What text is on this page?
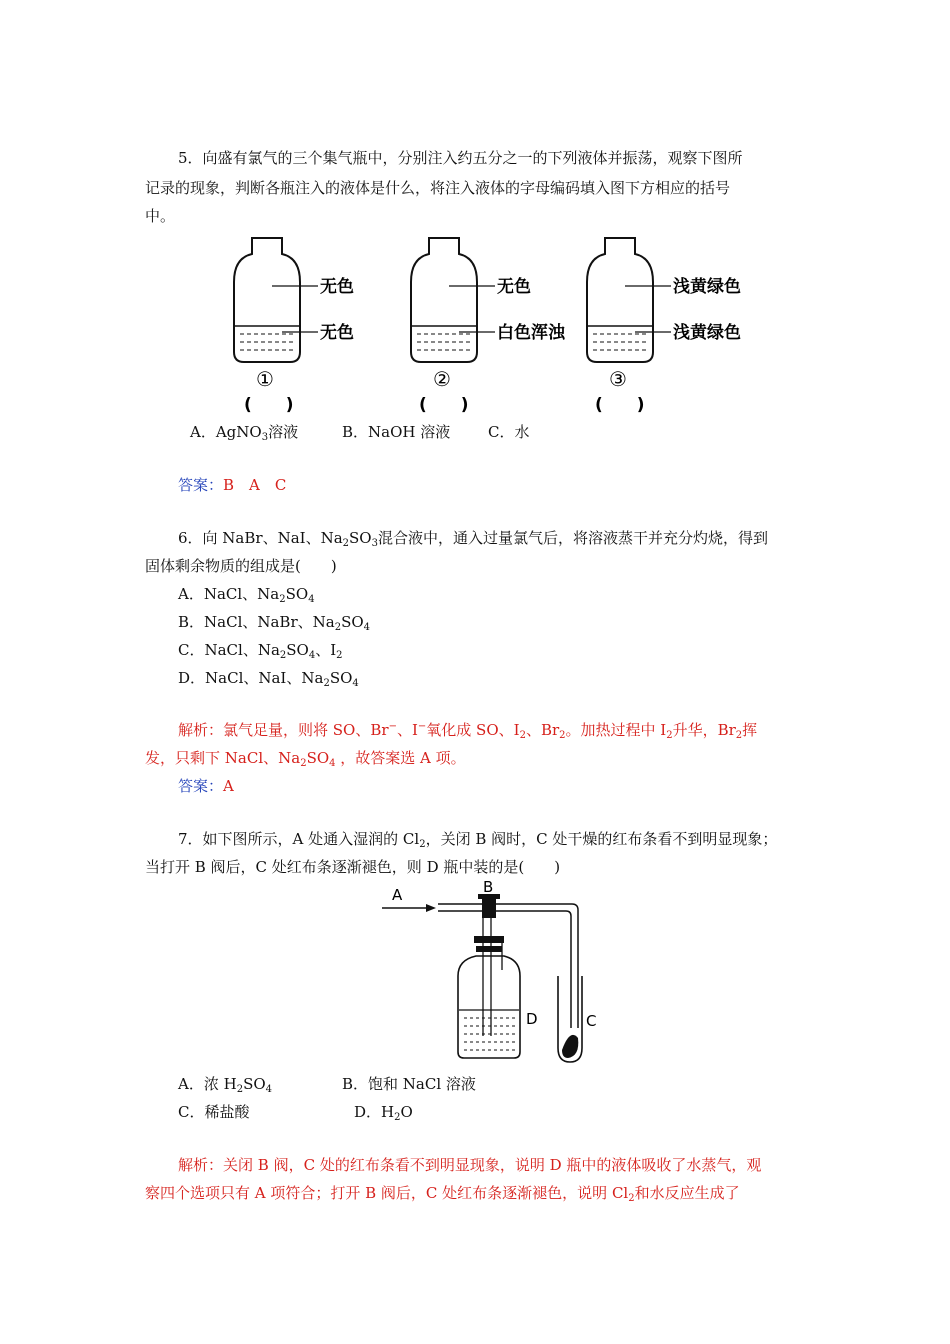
5．向盛有氯气的三个集气瓶中，分别注入约五分之一的下列液体并振荡，观察下图所
记录的现象，判断各瓶注入的液体是什么，将注入液体的字母编码填入图下方相应的括号
中。
无色
无色
①
(　　)
无色
白色浑浊
②
(　　)
浅黄绿色
浅黄绿色
③
(　　)
A．AgNO$_3$溶液	B．NaOH 溶液	C．水
答案：B　A　C
6．向 NaBr、NaI、$Na_2SO_3$混合液中，通入过量氯气后，将溶液蒸干并充分灼烧，得到
固体剩余物质的组成是(　　)
A．NaCl、$Na_2SO_4$
B．NaCl、NaBr、$Na_2SO_4$
C．NaCl、$Na_2SO_4$、$I_2$
D．NaCl、NaI、$Na_2SO_4$
解析：氯气足量，则将 SO、Br−、I−氧化成 SO、$I_2$、$Br_2$。加热过程中 $I_2$升华，$Br_2$挥
发，只剩下 NaCl、$Na_2SO_4$ ，故答案选 A 项。
答案：A
7．如下图所示，A 处通入湿润的 $Cl_2$，关闭 B 阀时，C 处干燥的红布条看不到明显现象；
当打开 B 阀后，C 处红布条逐渐褪色，则 D 瓶中装的是(　　)
A	B
D	C
A．浓 $H_2SO_4$	B．饱和 NaCl 溶液
C．稀盐酸	D．$H_2O$
解析：关闭 B 阀，C 处的红布条看不到明显现象，说明 D 瓶中的液体吸收了水蒸气，观
察四个选项只有 A 项符合；打开 B 阀后，C 处红布条逐渐褪色，说明 $Cl_2$和水反应生成了
